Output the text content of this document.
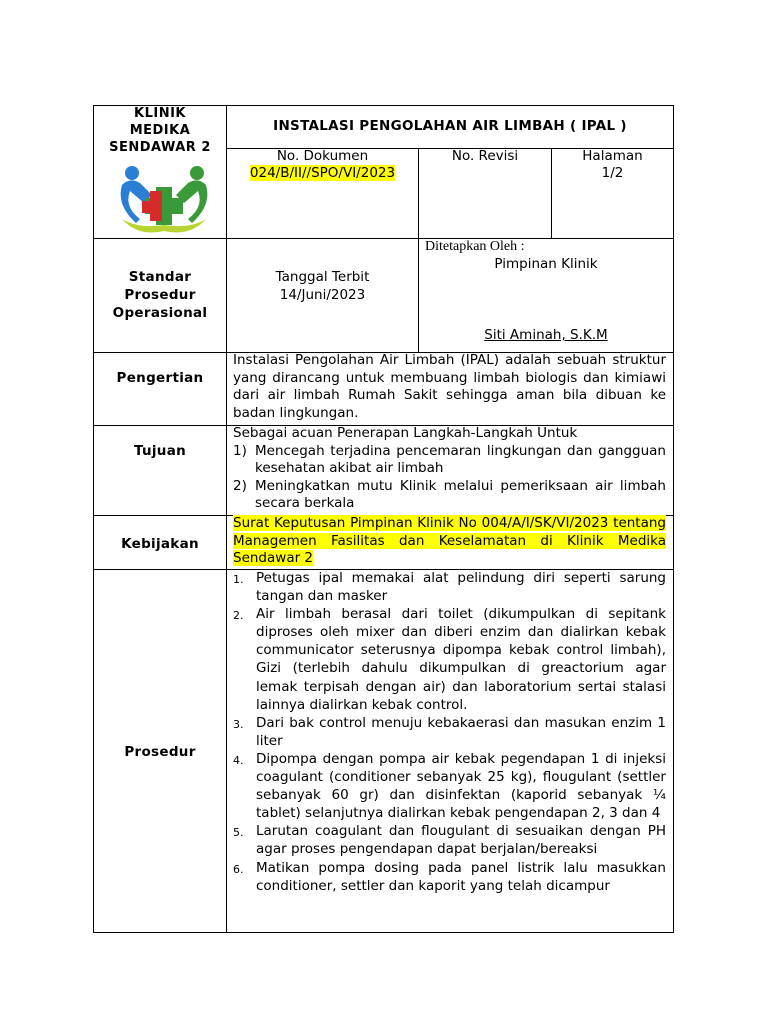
KLINIK
MEDIKA
SENDAWAR 2
INSTALASI PENGOLAHAN AIR LIMBAH ( IPAL )
No. Dokumen
024/B/II//SPO/VI/2023
No. Revisi	Halaman
1/2
Standar
Prosedur
Operasional
Tanggal Terbit
14/Juni/2023
Ditetapkan Oleh :
Pimpinan Klinik
Siti Aminah, S.K.M
Pengertian
Instalasi Pengolahan Air Limbah (IPAL) adalah sebuah struktur yang dirancang untuk membuang limbah biologis dan kimiawi dari air limbah Rumah Sakit sehingga aman bila dibuan ke badan lingkungan.
Tujuan
Sebagai acuan Penerapan Langkah-Langkah Untuk
1) Mencegah terjadina pencemaran lingkungan dan gangguan kesehatan akibat air limbah
2) Meningkatkan mutu Klinik melalui pemeriksaan air limbah secara berkala
Kebijakan
Surat Keputusan Pimpinan Klinik No 004/A/I/SK/VI/2023 tentang Managemen Fasilitas dan Keselamatan di Klinik Medika Sendawar 2
Prosedur
1. Petugas ipal memakai alat pelindung diri seperti sarung tangan dan masker
2. Air limbah berasal dari toilet (dikumpulkan di sepitank diproses oleh mixer dan diberi enzim dan dialirkan kebak communicator seterusnya dipompa kebak control limbah), Gizi (terlebih dahulu dikumpulkan di greactorium agar lemak terpisah dengan air) dan laboratorium sertai stalasi lainnya dialirkan kebak control.
3. Dari bak control menuju kebakaerasi dan masukan enzim 1 liter
4. Dipompa dengan pompa air kebak pegendapan 1 di injeksi coagulant (conditioner sebanyak 25 kg), flougulant (settler sebanyak 60 gr) dan disinfektan (kaporid sebanyak ¼ tablet) selanjutnya dialirkan kebak pengendapan 2, 3 dan 4
5. Larutan coagulant dan flougulant di sesuaikan dengan PH agar proses pengendapan dapat berjalan/bereaksi
6. Matikan pompa dosing pada panel listrik lalu masukkan conditioner, settler dan kaporit yang telah dicampur
